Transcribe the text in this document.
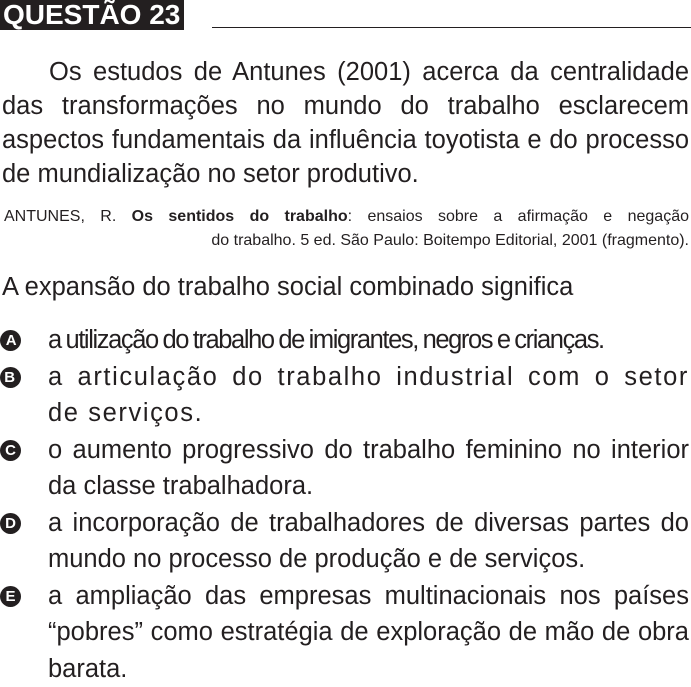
QUESTÃO 23

Os estudos de Antunes (2001) acerca da centralidade das transformações no mundo do trabalho esclarecem aspectos fundamentais da influência toyotista e do processo de mundialização no setor produtivo.

ANTUNES, R. Os sentidos do trabalho: ensaios sobre a afirmação e negação
do trabalho. 5 ed. São Paulo: Boitempo Editorial, 2001 (fragmento).

A expansão do trabalho social combinado significa

A a utilização do trabalho de imigrantes, negros e crianças.
B a articulação do trabalho industrial com o setor de serviços.
C o aumento progressivo do trabalho feminino no interior da classe trabalhadora.
D a incorporação de trabalhadores de diversas partes do mundo no processo de produção e de serviços.
E a ampliação das empresas multinacionais nos países “pobres” como estratégia de exploração de mão de obra barata.
